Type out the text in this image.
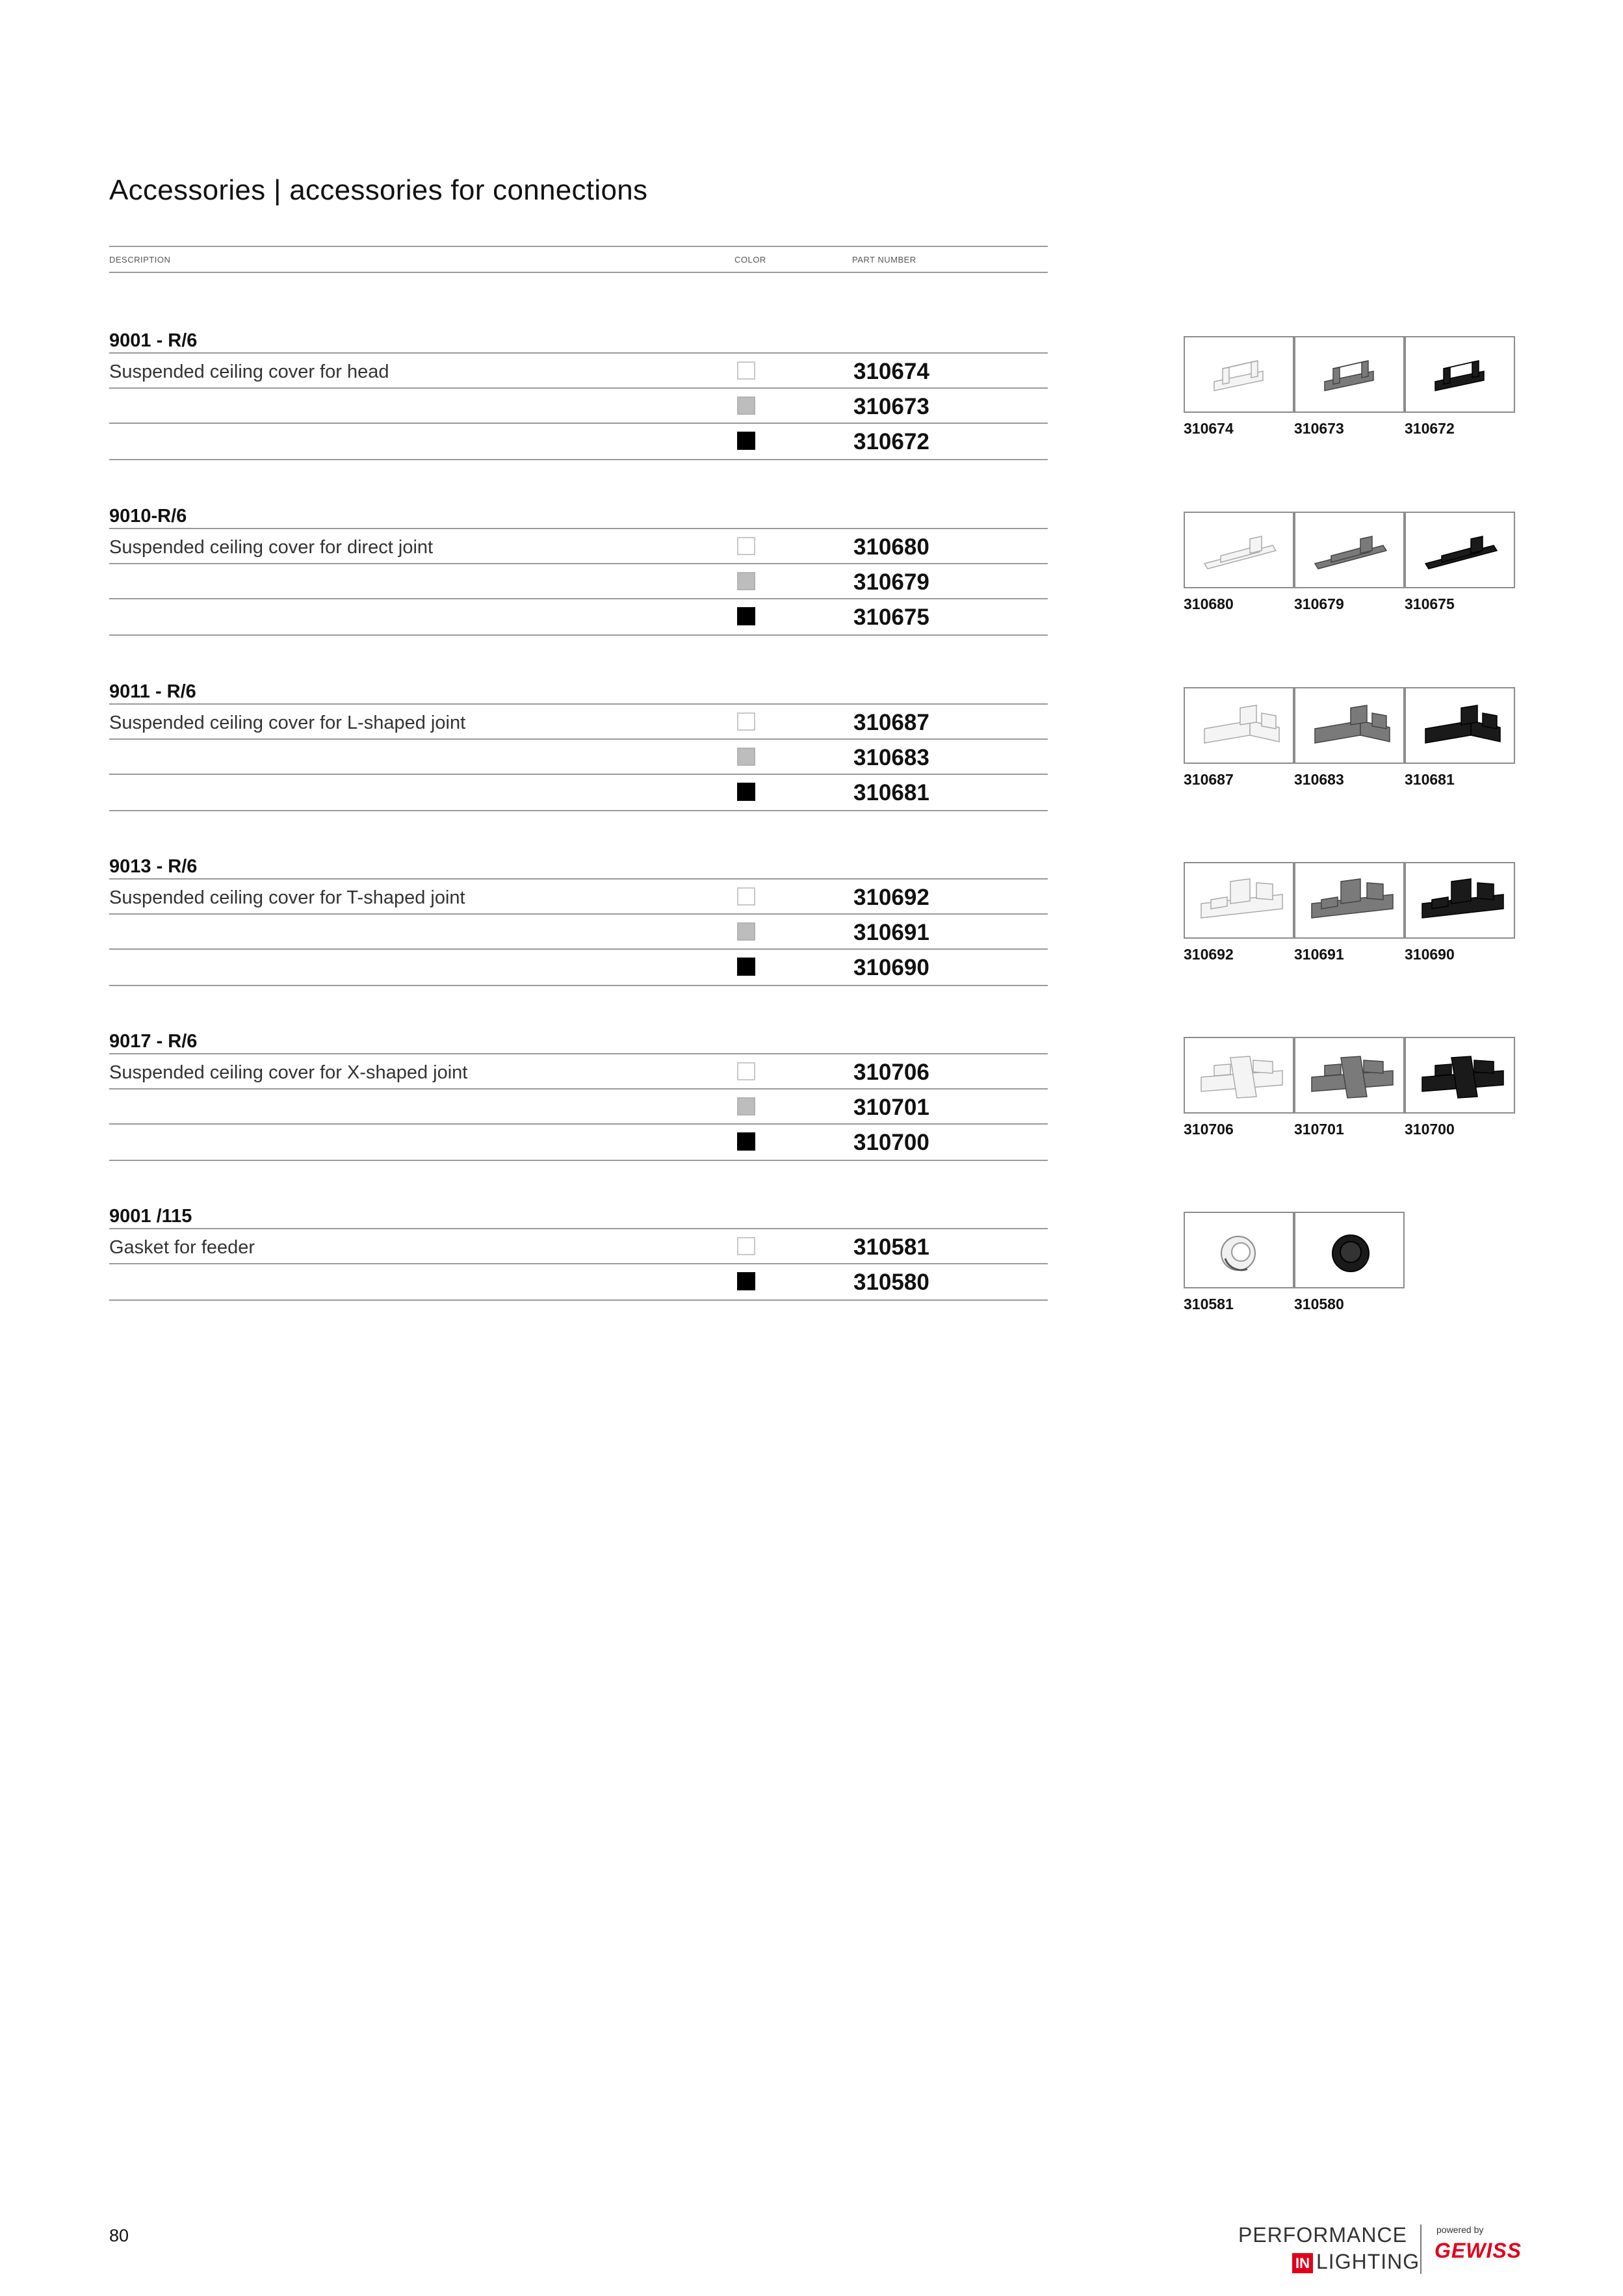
Accessories | accessories for connections
DESCRIPTION	COLOR	PART NUMBER
9001 - R/6
Suspended ceiling cover for head	310674
310673
310672
310674	310673	310672
9010-R/6
Suspended ceiling cover for direct joint	310680
310679
310675
310680	310679	310675
9011 - R/6
Suspended ceiling cover for L-shaped joint	310687
310683
310681
310687	310683	310681
9013 - R/6
Suspended ceiling cover for T-shaped joint	310692
310691
310690
310692	310691	310690
9017 - R/6
Suspended ceiling cover for X-shaped joint	310706
310701
310700
310706	310701	310700
9001 /115
Gasket for feeder	310581
310580
310581	310580
80	PERFORMANCE
IN LIGHTING
powered by
GEWISS
